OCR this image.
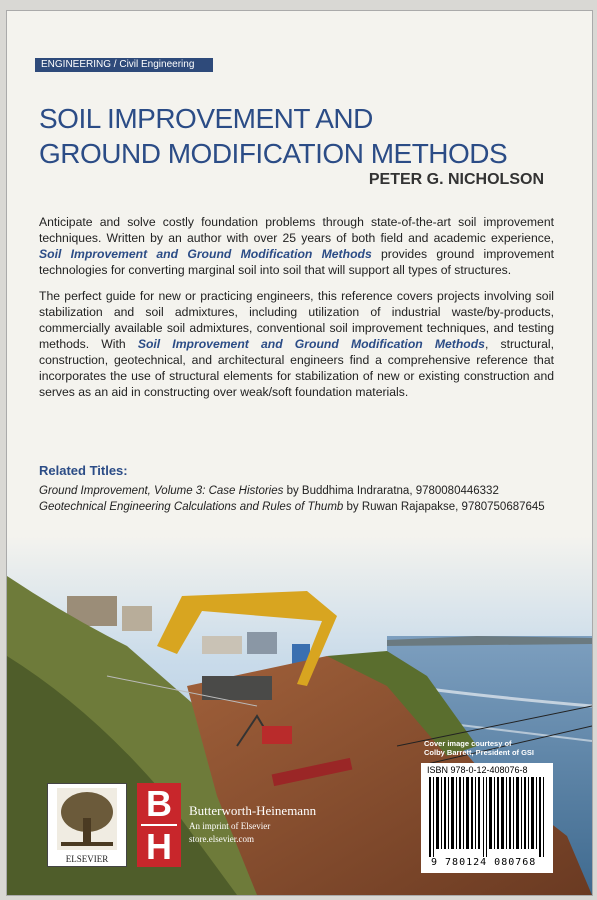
ENGINEERING / Civil Engineering
SOIL IMPROVEMENT AND
GROUND MODIFICATION METHODS
PETER G. NICHOLSON

Anticipate and solve costly foundation problems through state-of-the-art soil improvement techniques. Written by an author with over 25 years of both field and academic experience, Soil Improvement and Ground Modification Methods provides ground improvement technologies for converting marginal soil into soil that will support all types of structures.

The perfect guide for new or practicing engineers, this reference covers projects involving soil stabilization and soil admixtures, including utilization of industrial waste/by-products, commercially available soil admixtures, conventional soil improvement techniques, and testing methods. With Soil Improvement and Ground Modification Methods, structural, construction, geotechnical, and architectural engineers find a comprehensive reference that incorporates the use of structural elements for stabilization of new or existing construction and serves as an aid in constructing over weak/soft foundation materials.

Related Titles:
Ground Improvement, Volume 3: Case Histories by Buddhima Indraratna, 9780080446332
Geotechnical Engineering Calculations and Rules of Thumb by Ruwan Rajapakse, 9780750687645
Cover image courtesy of
Colby Barrett, President of GSI
ISBN 978-0-12-408076-8
9 780124 080768
ELSEVIER
B
H
Butterworth-Heinemann
An imprint of Elsevier
store.elsevier.com
